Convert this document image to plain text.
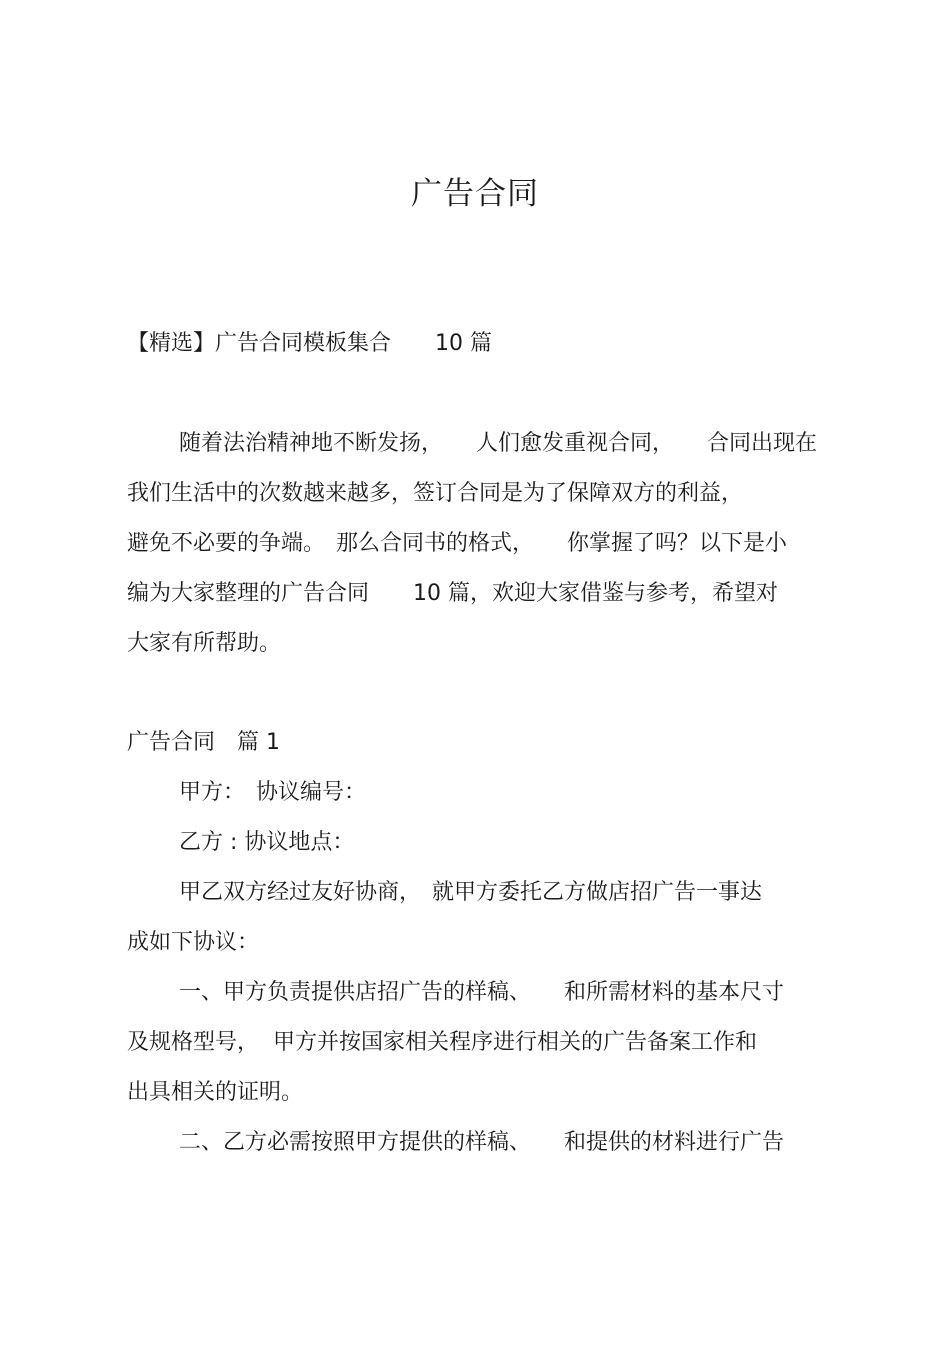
广告合同
【精选】广告合同模板集合　　10 篇
随着法治精神地不断发扬，　　人们愈发重视合同，　　合同出现在
我们生活中的次数越来越多，签订合同是为了保障双方的利益，
避免不必要的争端。　那么合同书的格式，　　你掌握了吗？以下是小
编为大家整理的广告合同　　10 篇，欢迎大家借鉴与参考，希望对
大家有所帮助。
广告合同　篇 1
甲方：　协议编号：
乙方 : 协议地点：
甲乙双方经过友好协商，　就甲方委托乙方做店招广告一事达
成如下协议：
一、甲方负责提供店招广告的样稿、　　和所需材料的基本尺寸
及规格型号，  甲方并按国家相关程序进行相关的广告备案工作和
出具相关的证明。
二、乙方必需按照甲方提供的样稿、　　和提供的材料进行广告
